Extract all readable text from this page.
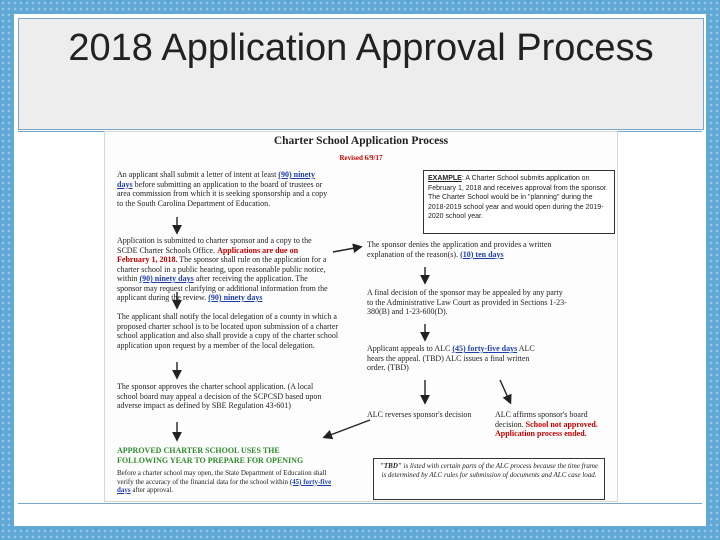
2018 Application Approval Process
Charter School Application Process
Revised 6/9/17
EXAMPLE: A Charter School submits application on February 1, 2018 and receives approval from the sponsor. The Charter School would be in "planning" during the 2018-2019 school year and would open during the 2019-2020 school year.
An applicant shall submit a letter of intent at least (90) ninety days before submitting an application to the board of trustees or area commission from which it is seeking sponsorship and a copy to the South Carolina Department of Education.
Application is submitted to charter sponsor and a copy to the SCDE Charter Schools Office. Applications are due on February 1, 2018. The sponsor shall rule on the application for a charter school in a public hearing, upon reasonable public notice, within (90) ninety days after receiving the application. The sponsor may request clarifying or additional information from the applicant during the review. (90) ninety days
The applicant shall notify the local delegation of a county in which a proposed charter school is to be located upon submission of a charter school application and also shall provide a copy of the charter school application upon request by a member of the local delegation.
The sponsor approves the charter school application. (A local school board may appeal a decision of the SCPCSD based upon adverse impact as defined by SBE Regulation 43-601)
The sponsor denies the application and provides a written explanation of the reason(s). (10) ten days
A final decision of the sponsor may be appealed by any party to the Administrative Law Court as provided in Sections 1-23-380(B) and 1-23-600(D).
Applicant appeals to ALC (45) forty-five days ALC hears the appeal. (TBD) ALC issues a final written order. (TBD)
ALC reverses sponsor's decision	ALC affirms sponsor's board decision. School not approved. Application process ended.
APPROVED CHARTER SCHOOL USES THE FOLLOWING YEAR TO PREPARE FOR OPENING
Before a charter school may open, the State Department of Education shall verify the accuracy of the financial data for the school within (45) forty-five days after approval.
"TBD" is listed with certain parts of the ALC process because the time frame is determined by ALC rules for submission of documents and ALC case load.
